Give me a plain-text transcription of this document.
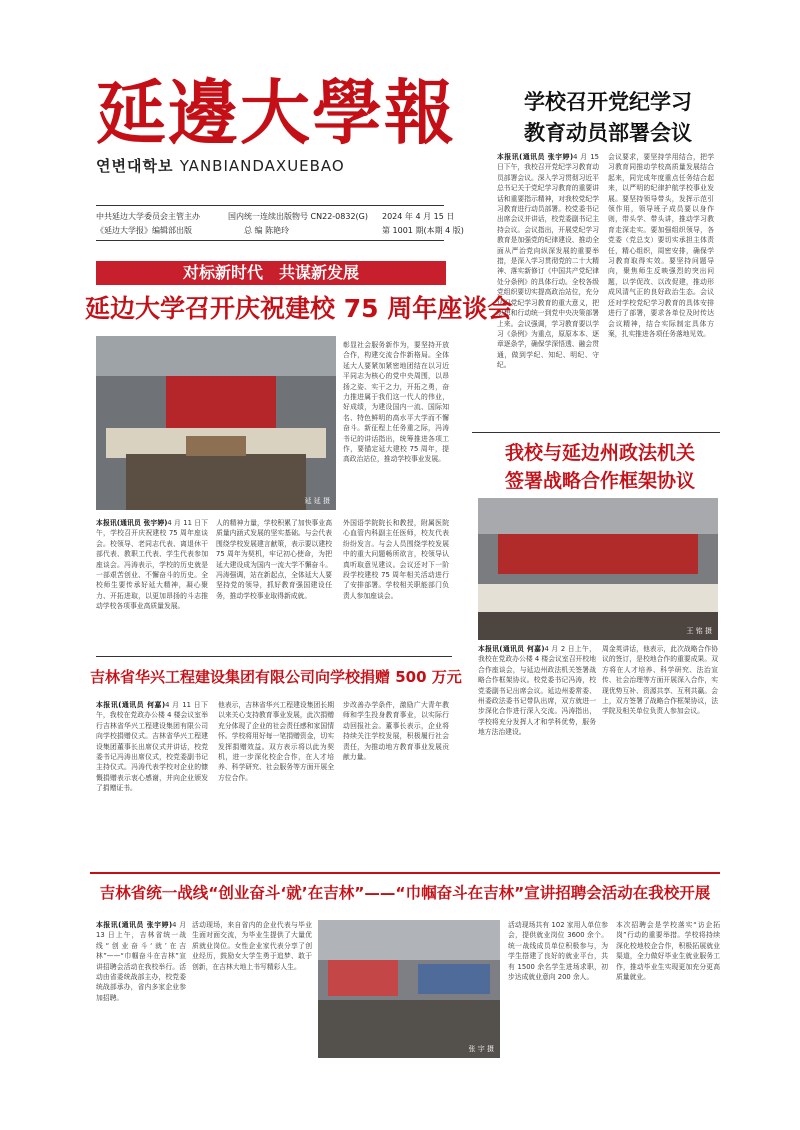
延邊大學報
연변대학보 YANBIANDAXUEBAO
中共延边大学委员会主管主办
《延边大学报》编辑部出版
国内统一连续出版物号 CN22-0832(G)
总 编 陈艳玲
2024 年 4 月 15 日
第 1001 期(本期 4 版)
学校召开党纪学习
教育动员部署会议
本报讯(通讯员 张宇婷)4 月 15 日下午，我校召开党纪学习教育动员部署会议。深入学习贯彻习近平总书记关于党纪学习教育的重要讲话和重要指示精神，对我校党纪学习教育进行动员部署。校党委书记出席会议并讲话，校党委副书记主持会议。会议指出，开展党纪学习教育是加强党的纪律建设、推动全面从严治党向纵深发展的重要举措，是深入学习贯彻党的二十大精神、落实新修订《中国共产党纪律处分条例》的具体行动。全校各级党组织要切实提高政治站位，充分认识党纪学习教育的重大意义，把思想和行动统一到党中央决策部署上来。会议强调，学习教育要以学习《条例》为重点，原原本本、逐章逐条学，确保学深悟透、融会贯通，做到学纪、知纪、明纪、守纪。
会议要求，要坚持学用结合，把学习教育同推动学校高质量发展结合起来，同完成年度重点任务结合起来，以严明的纪律护航学校事业发展。要坚持领导带头，发挥示范引领作用，领导班子成员要以身作则，带头学、带头讲，推动学习教育走深走实。要加强组织领导，各党委（党总支）要切实承担主体责任，精心组织，周密安排，确保学习教育取得实效。要坚持问题导向，聚焦师生反映强烈的突出问题，以学促改、以改促建，推动形成风清气正的良好政治生态。会议还对学校党纪学习教育的具体安排进行了部署，要求各单位及时传达会议精神，结合实际制定具体方案，扎实推进各项任务落地见效。
对标新时代　共谋新发展
延边大学召开庆祝建校 75 周年座谈会
延 延 摄
彰显社会服务新作为，要坚持开放合作，构建交流合作新格局。全体延大人要紧加紧密地团结在以习近平同志为核心的党中央周围，以昂扬之姿、实干之力，开拓之勇，奋力推进属于我们这一代人的伟业，好成绩，为建设国内一流、国际知名、特色鲜明的高水平大学而不懈奋斗。新征程上任务重之际，冯涛书记的讲话指出，统筹推进各项工作，要锚定延大建校 75 周年，提高政治站位，推动学校事业发展。
本报讯(通讯员 张宇婷)4 月 11 日下午，学校召开庆祝建校 75 周年座谈会。校领导、老同志代表、离退休干部代表、教职工代表、学生代表参加座谈会。冯涛表示，学校的历史就是一部艰苦创业、不懈奋斗的历史。全校师生要传承好延大精神，凝心聚力、开拓进取，以更加昂扬的斗志推动学校各项事业高质量发展。
人的精神力量，学校积累了加快事业高质量内涵式发展的坚实基础。与会代表围绕学校发展建言献策，表示要以建校 75 周年为契机，牢记初心使命，为把延大建设成为国内一流大学不懈奋斗。冯涛强调，站在新起点，全体延大人要坚持党的领导，抓好教育强国建设任务，推动学校事业取得新成就。
外国语学院院长和教授，附属医院心血管内科副主任医师，校友代表纷纷发言。与会人员围绕学校发展中的重大问题畅所欲言，校领导认真听取意见建议。会议还对下一阶段学校建校 75 周年相关活动进行了安排部署。学校相关职能部门负责人参加座谈会。
我校与延边州政法机关
签署战略合作框架协议
王 铭 摄
本报讯(通讯员 何嘉)4 月 2 日上午，我校在党政办公楼 4 楼会议室召开校地合作座谈会，与延边州政法机关签署战略合作框架协议。校党委书记冯涛，校党委副书记出席会议。延边州委常委、州委政法委书记带队出席，双方就进一步深化合作进行深入交流。冯涛指出，学校将充分发挥人才和学科优势，服务地方法治建设。
周金英讲话，他表示，此次战略合作协议的签订，是校地合作的重要成果。双方将在人才培养、科学研究、法治宣传、社会治理等方面开展深入合作，实现优势互补、资源共享、互利共赢。会上，双方签署了战略合作框架协议，法学院及相关单位负责人参加会议。
吉林省华兴工程建设集团有限公司向学校捐赠 500 万元
本报讯(通讯员 何嘉)4 月 11 日下午，我校在党政办公楼 4 楼会议室举行吉林省华兴工程建设集团有限公司向学校捐赠仪式。吉林省华兴工程建设集团董事长出席仪式并讲话，校党委书记冯涛出席仪式，校党委副书记主持仪式。冯涛代表学校对企业的慷慨捐赠表示衷心感谢，并向企业颁发了捐赠证书。
他表示，吉林省华兴工程建设集团长期以来关心支持教育事业发展，此次捐赠充分体现了企业的社会责任感和家国情怀。学校将用好每一笔捐赠资金，切实发挥捐赠效益。双方表示将以此为契机，进一步深化校企合作，在人才培养、科学研究、社会服务等方面开展全方位合作。
步改善办学条件，激励广大青年教师和学生投身教育事业，以实际行动回报社会。董事长表示，企业将持续关注学校发展，积极履行社会责任，为推动地方教育事业发展贡献力量。
吉林省统一战线“创业奋斗‘就’在吉林”——“巾帼奋斗在吉林”宣讲招聘会活动在我校开展
本报讯(通讯员 张宇婷)4 月 13 日上午，吉林省统一战线“创业奋斗‘就’在吉林”——“巾帼奋斗在吉林”宣讲招聘会活动在我校举行。活动由省委统战部主办，校党委统战部承办，省内多家企业参加招聘。
活动现场，来自省内的企业代表与毕业生面对面交流，为毕业生提供了大量优质就业岗位。女性企业家代表分享了创业经历，鼓励女大学生勇于追梦、敢于创新，在吉林大地上书写精彩人生。
张 宇 摄
活动现场共有 102 家用人单位参会，提供就业岗位 3600 余个。统一战线成员单位积极参与，为学生搭建了良好的就业平台，共有 1500 余名学生进场求职，初步达成就业意向 200 余人。
本次招聘会是学校落实“访企拓岗”行动的重要举措。学校将持续深化校地校企合作，积极拓展就业渠道，全力做好毕业生就业服务工作，推动毕业生实现更加充分更高质量就业。
